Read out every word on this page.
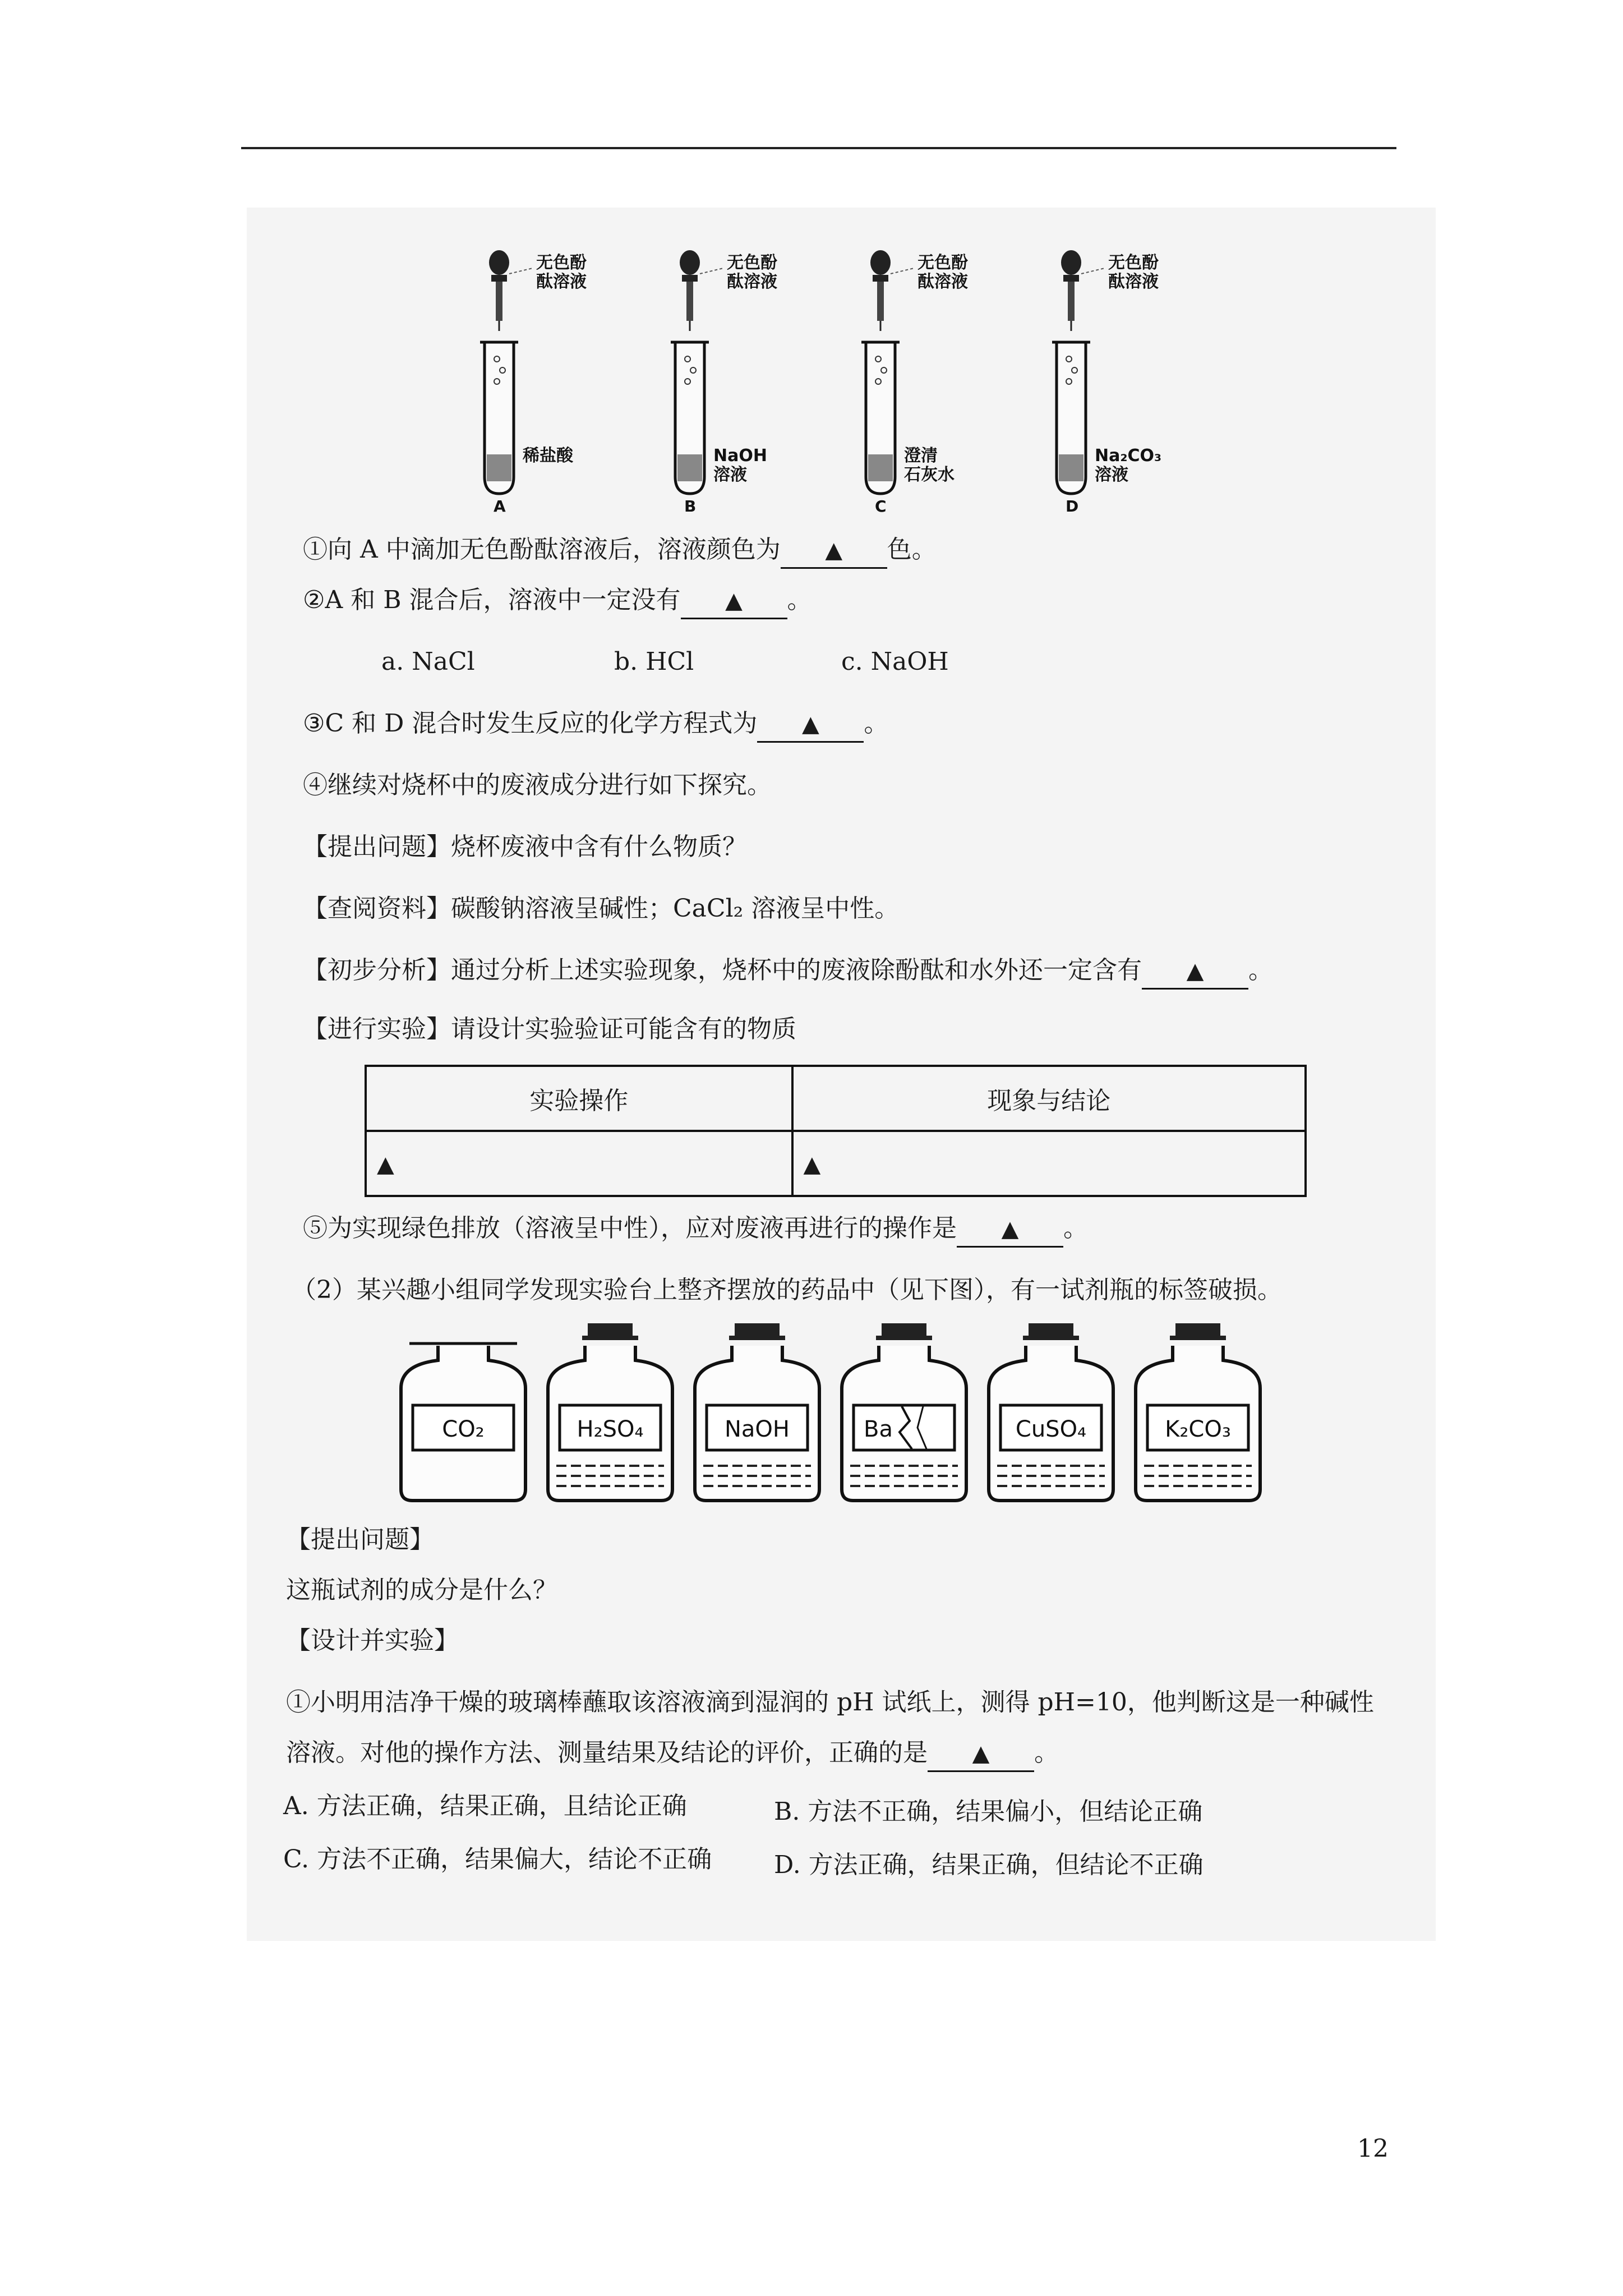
无色酚
酞溶液
稀盐酸
A
无色酚
酞溶液
NaOH
溶液
B
无色酚
酞溶液
澄清
石灰水
C
无色酚
酞溶液
Na₂CO₃
溶液
D
①向 A 中滴加无色酚酞溶液后，溶液颜色为 ▲ 色。
②A 和 B 混合后，溶液中一定没有 ▲ 。
a. NaCl	b. HCl	c. NaOH
③C 和 D 混合时发生反应的化学方程式为 ▲ 。
④继续对烧杯中的废液成分进行如下探究。
【提出问题】烧杯废液中含有什么物质？
【查阅资料】碳酸钠溶液呈碱性；CaCl₂ 溶液呈中性。
【初步分析】通过分析上述实验现象，烧杯中的废液除酚酞和水外还一定含有 ▲ 。
【进行实验】请设计实验验证可能含有的物质
实验操作	现象与结论
▲	▲
⑤为实现绿色排放（溶液呈中性），应对废液再进行的操作是 ▲ 。
（2）某兴趣小组同学发现实验台上整齐摆放的药品中（见下图），有一试剂瓶的标签破损。
CO₂	H₂SO₄	NaOH	Ba	CuSO₄	K₂CO₃
【提出问题】
这瓶试剂的成分是什么？
【设计并实验】
①小明用洁净干燥的玻璃棒蘸取该溶液滴到湿润的 pH 试纸上，测得 pH=10，他判断这是一种碱性
溶液。对他的操作方法、测量结果及结论的评价，正确的是 ▲ 。
A. 方法正确，结果正确，且结论正确	B. 方法不正确，结果偏小，但结论正确
C. 方法不正确，结果偏大，结论不正确	D. 方法正确，结果正确，但结论不正确
12
